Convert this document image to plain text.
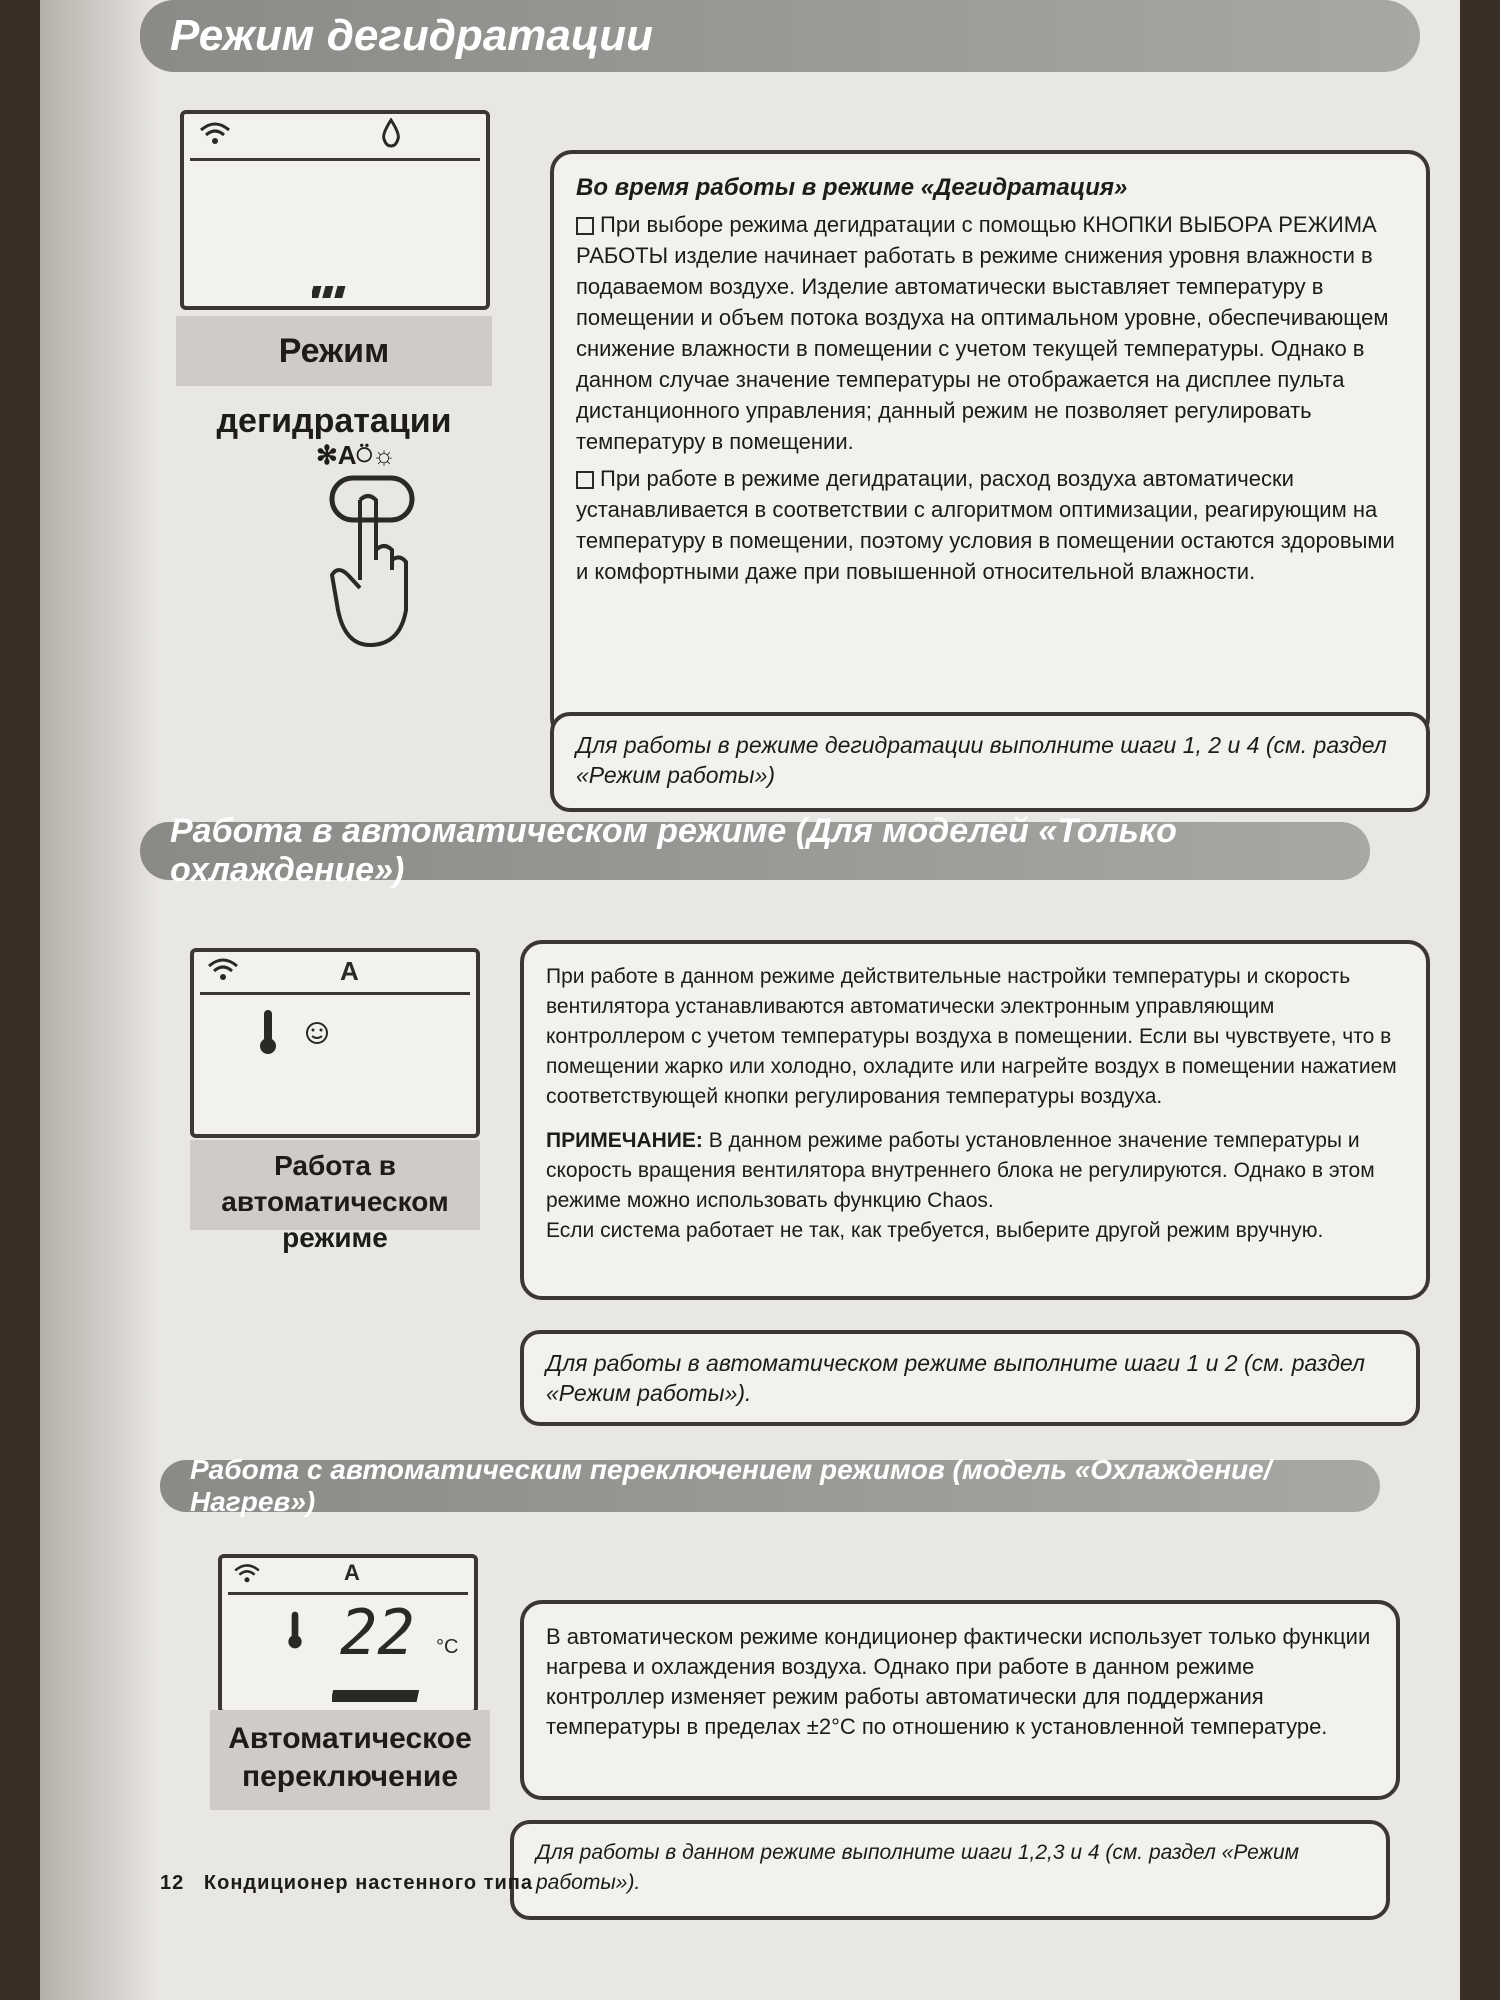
Режим дегидратации
Режим дегидратации
✻A⍥☼

Во время работы в режиме «Дегидратация»

При выборе режима дегидратации с помощью КНОПКИ ВЫБОРА РЕЖИМА РАБОТЫ изделие начинает работать в режиме снижения уровня влажности в подаваемом воздухе. Изделие автоматически выставляет температуру в помещении и объем потока воздуха на оптимальном уровне, обеспечивающем снижение влажности в помещении с учетом текущей температуры. Однако в данном случае значение температуры не отображается на дисплее пульта дистанционного управления; данный режим не позволяет регулировать температуру в помещении.

При работе в режиме дегидратации, расход воздуха автоматически устанавливается в соответствии с алгоритмом оптимизации, реагирующим на температуру в помещении, поэтому условия в помещении остаются здоровыми и комфортными даже при повышенной относительной влажности.

Для работы в режиме дегидратации выполните шаги 1, 2 и 4 (см. раздел «Режим работы»)
Работа в автоматическом режиме (Для моделей «Только охлаждение»)
A
Работа в автоматическом режиме

При работе в данном режиме действительные настройки температуры и скорость вентилятора устанавливаются автоматически электронным управляющим контроллером с учетом температуры воздуха в помещении. Если вы чувствуете, что в помещении жарко или холодно, охладите или нагрейте воздух в помещении нажатием соответствующей кнопки регулирования температуры воздуха.

ПРИМЕЧАНИЕ: В данном режиме работы установленное значение температуры и скорость вращения вентилятора внутреннего блока не регулируются. Однако в этом режиме можно использовать функцию Chaos.
Если система работает не так, как требуется, выберите другой режим вручную.

Для работы в автоматическом режиме выполните шаги 1 и 2 (см. раздел «Режим работы»).
Работа с автоматическим переключением режимов (модель «Охлаждение/Нагрев»)
A
22 °C
Автоматическое переключение

В автоматическом режиме кондиционер фактически использует только функции нагрева и охлаждения воздуха. Однако при работе в данном режиме контроллер изменяет режим работы автоматически для поддержания температуры в пределах ±2°C по отношению к установленной температуре.

Для работы в данном режиме выполните шаги 1,2,3 и 4 (см. раздел «Режим работы»).
12 Кондиционер настенного типа
